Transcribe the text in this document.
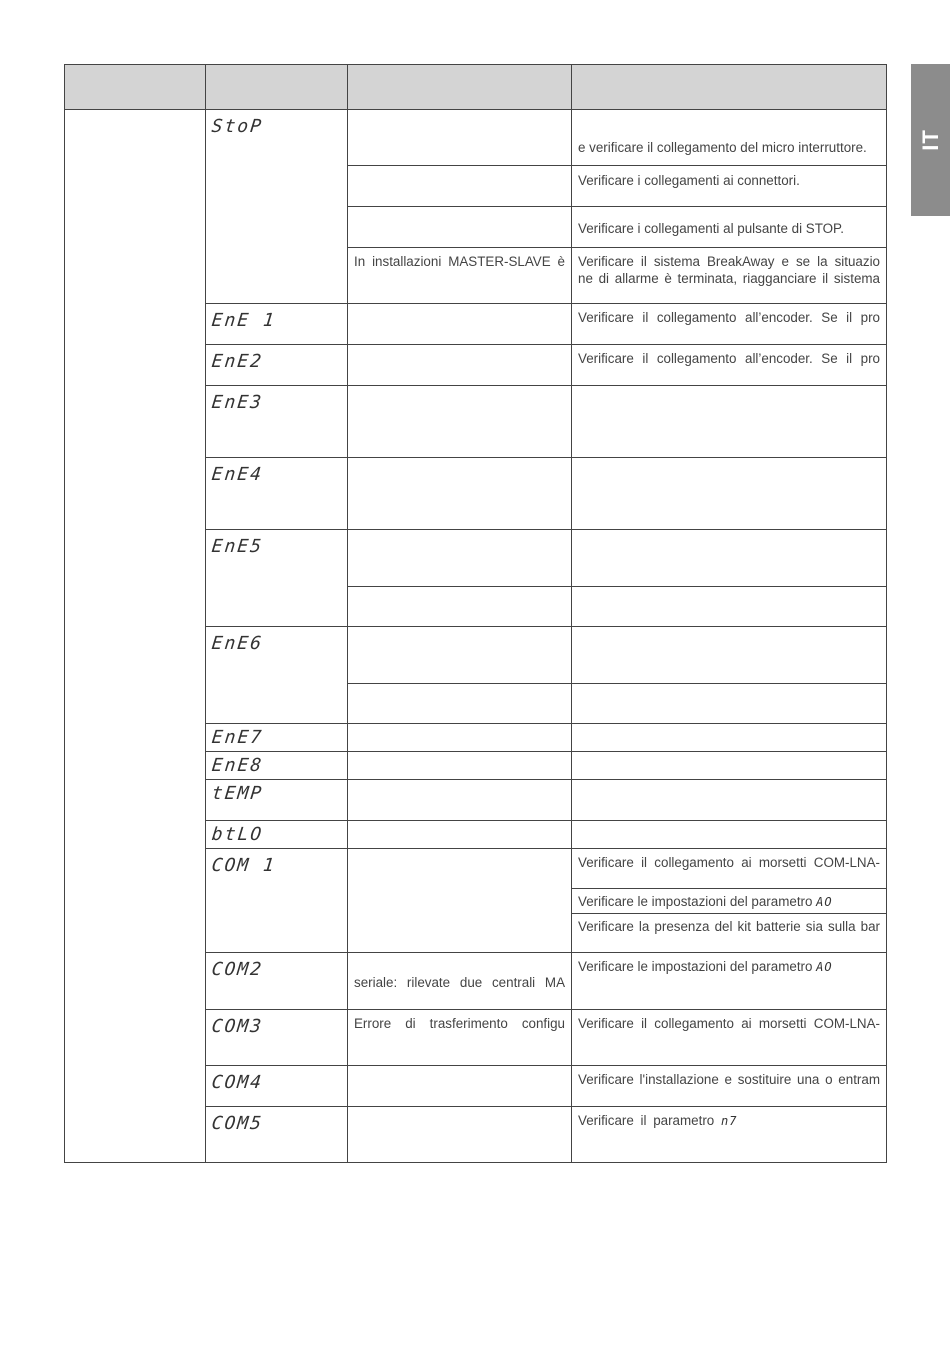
IT

	StoP		e verificare il collegamento del micro interruttore.

			Verificare i collegamenti ai connettori.

			Verificare i collegamenti al pulsante di STOP.

		In installazioni MASTER-SLAVE è	Verificare il sistema BreakAway e se la situazio
ne di allarme è terminata, riagganciare il sistema

	EnE 1		Verificare il collegamento all’encoder. Se il pro

	EnE2		Verificare il collegamento all’encoder. Se il pro

	EnE3		

	EnE4		

	EnE5		

	EnE6		

	EnE7		

	EnE8		

	tEMP		

	btLO		

	COM 1		Verificare il collegamento ai morsetti COM-LNA-

			Verificare le impostazioni del parametro AO

			Verificare la presenza del kit batterie sia sulla bar

	COM2	seriale: rilevate due centrali MA	Verificare le impostazioni del parametro AO

	COM3	Errore di trasferimento configu	Verificare il collegamento ai morsetti COM-LNA-

	COM4		Verificare l'installazione e sostituire una o entram

	COM5		Verificare il parametro n7
